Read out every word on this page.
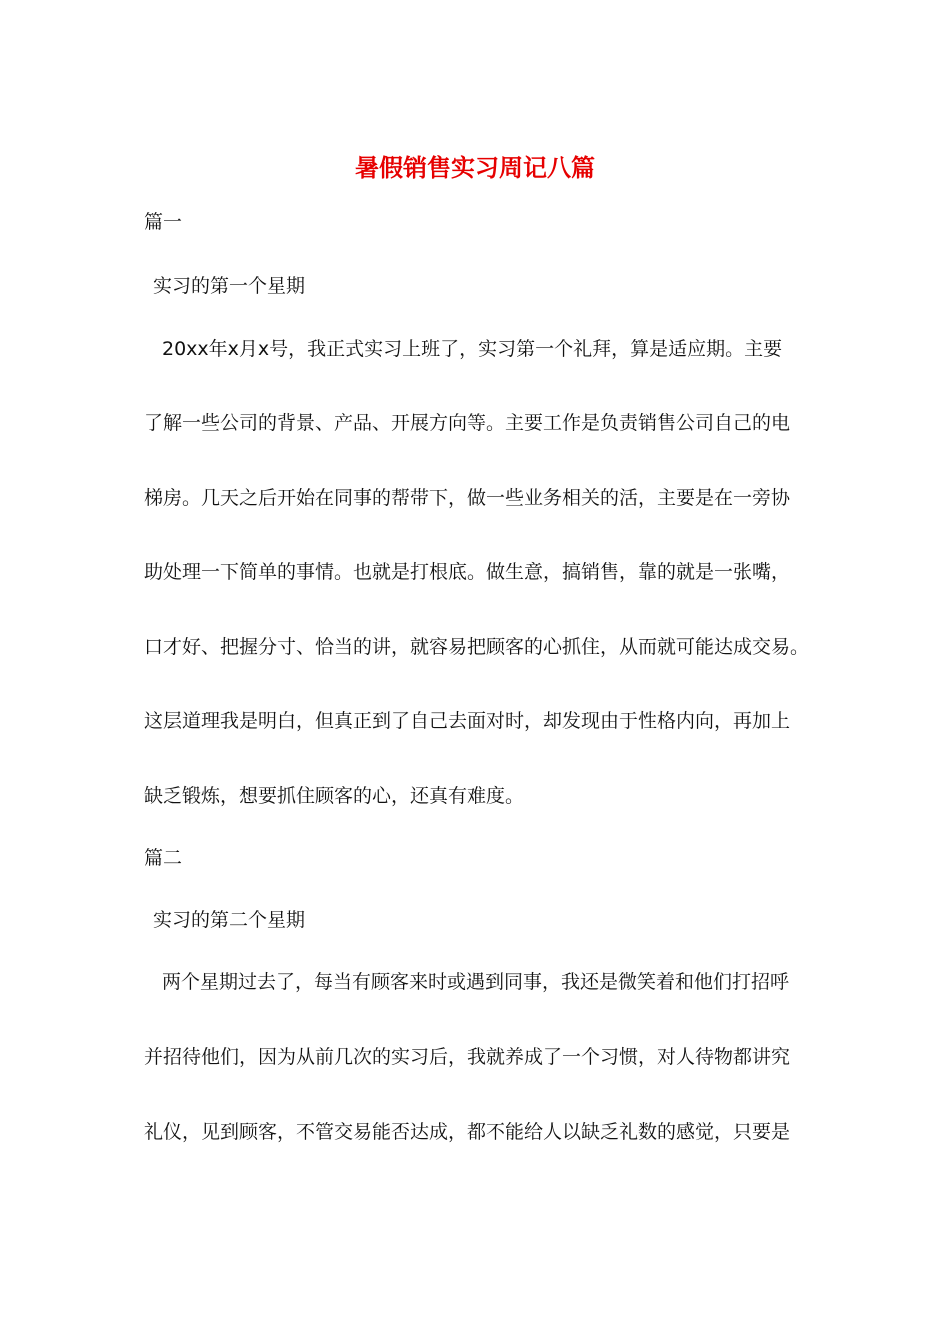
暑假销售实习周记八篇
篇一
实习的第一个星期
20xx年x月x号，我正式实习上班了，实习第一个礼拜，算是适应期。主要
了解一些公司的背景、产品、开展方向等。主要工作是负责销售公司自己的电
梯房。几天之后开始在同事的帮带下，做一些业务相关的活，主要是在一旁协
助处理一下简单的事情。也就是打根底。做生意，搞销售，靠的就是一张嘴，
口才好、把握分寸、恰当的讲，就容易把顾客的心抓住，从而就可能达成交易。
这层道理我是明白，但真正到了自己去面对时，却发现由于性格内向，再加上
缺乏锻炼，想要抓住顾客的心，还真有难度。
篇二
实习的第二个星期
两个星期过去了，每当有顾客来时或遇到同事，我还是微笑着和他们打招呼
并招待他们，因为从前几次的实习后，我就养成了一个习惯，对人待物都讲究
礼仪，见到顾客，不管交易能否达成，都不能给人以缺乏礼数的感觉，只要是
